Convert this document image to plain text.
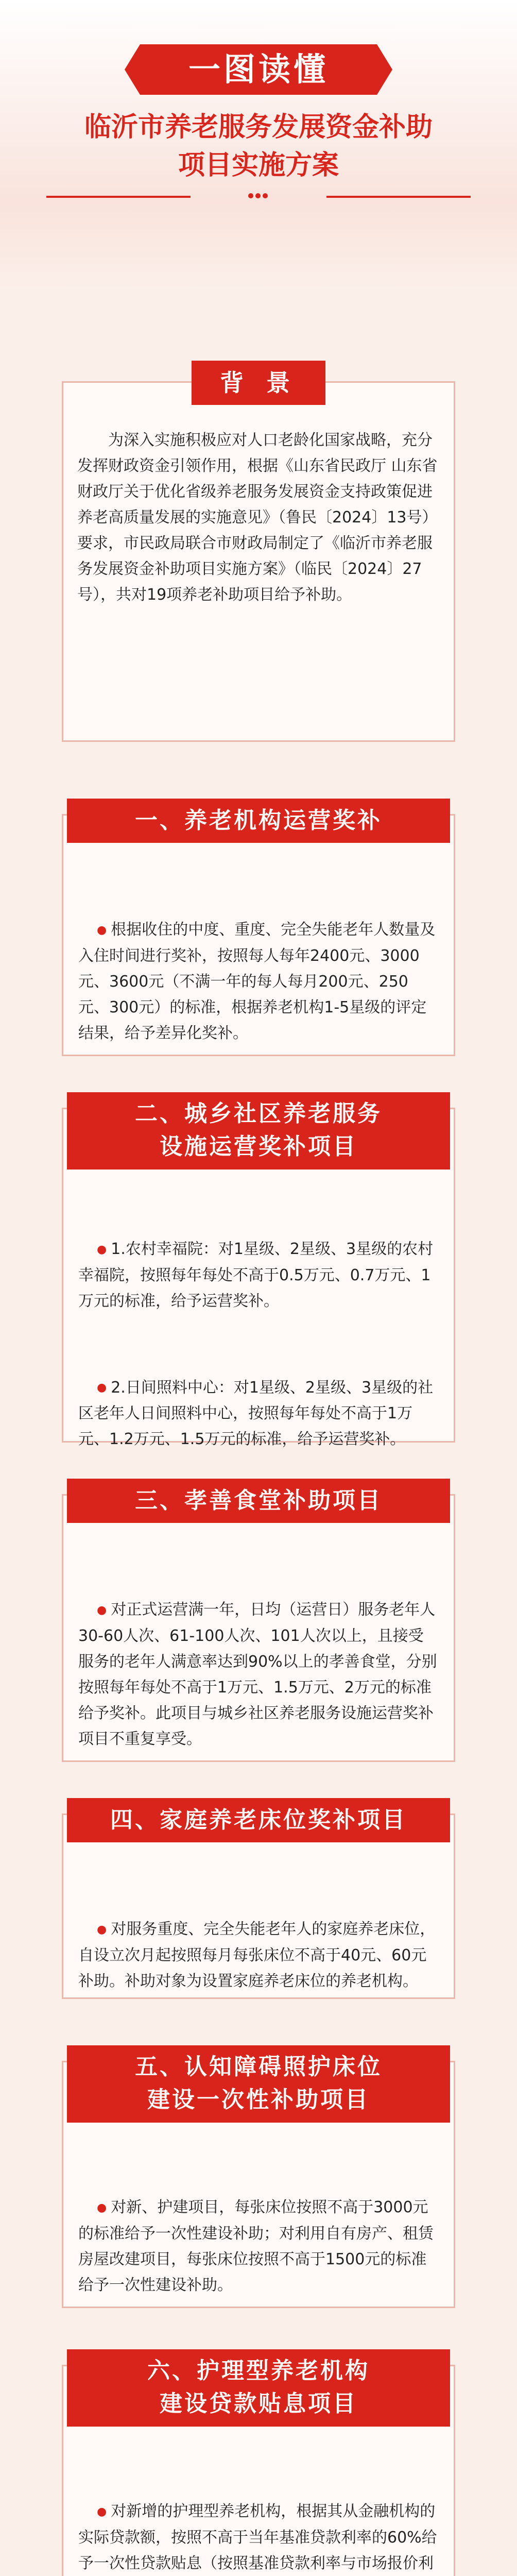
一图读懂
临沂市养老服务发展资金补助
项目实施方案
背 景
为深入实施积极应对人口老龄化国家战略，充分发挥财政资金引领作用，根据《山东省民政厅 山东省财政厅关于优化省级养老服务发展资金支持政策促进养老高质量发展的实施意见》（鲁民〔2024〕13号）要求，市民政局联合市财政局制定了《临沂市养老服务发展资金补助项目实施方案》（临民〔2024〕27号），共对19项养老补助项目给予补助。
一、养老机构运营奖补

● 根据收住的中度、重度、完全失能老年人数量及入住时间进行奖补，按照每人每年2400元、3000元、3600元（不满一年的每人每月200元、250元、300元）的标准，根据养老机构1-5星级的评定结果，给予差异化奖补。

二、城乡社区养老服务
设施运营奖补项目

● 1.农村幸福院：对1星级、2星级、3星级的农村幸福院，按照每年每处不高于0.5万元、0.7万元、1万元的标准，给予运营奖补。

● 2.日间照料中心：对1星级、2星级、3星级的社区老年人日间照料中心，按照每年每处不高于1万元、1.2万元、1.5万元的标准，给予运营奖补。

三、孝善食堂补助项目

● 对正式运营满一年，日均（运营日）服务老年人30-60人次、61-100人次、101人次以上，且接受服务的老年人满意率达到90%以上的孝善食堂，分别按照每年每处不高于1万元、1.5万元、2万元的标准给予奖补。此项目与城乡社区养老服务设施运营奖补项目不重复享受。

四、家庭养老床位奖补项目

● 对服务重度、完全失能老年人的家庭养老床位，自设立次月起按照每月每张床位不高于40元、60元补助。补助对象为设置家庭养老床位的养老机构。

五、认知障碍照护床位
建设一次性补助项目

● 对新、护建项目，每张床位按照不高于3000元的标准给予一次性建设补助；对利用自有房产、租赁房屋改建项目，每张床位按照不高于1500元的标准给予一次性建设补助。

六、护理型养老机构
建设贷款贴息项目

● 对新增的护理型养老机构，根据其从金融机构的实际贷款额，按照不高于当年基准贷款利率的60%给予一次性贷款贴息（按照基准贷款利率与市场报价利
